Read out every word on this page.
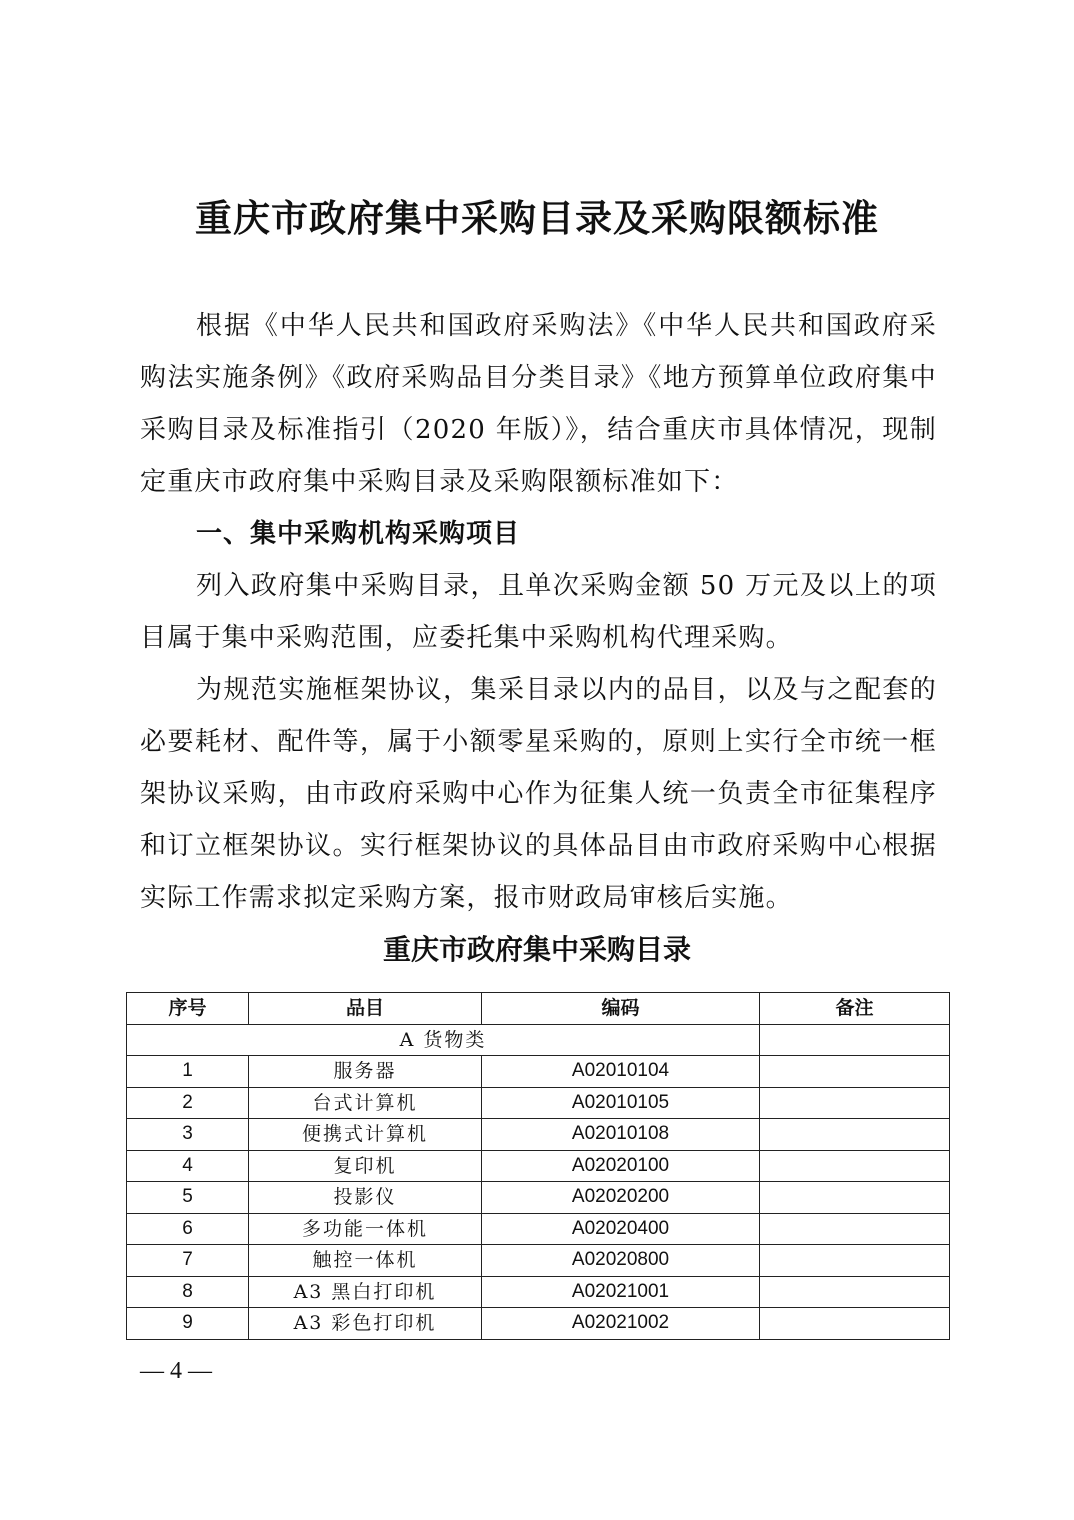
重庆市政府集中采购目录及采购限额标准

根据《中华人民共和国政府采购法》《中华人民共和国政府采购法实施条例》《政府采购品目分类目录》《地方预算单位政府集中采购目录及标准指引（2020 年版）》，结合重庆市具体情况，现制定重庆市政府集中采购目录及采购限额标准如下：

一、集中采购机构采购项目

列入政府集中采购目录，且单次采购金额 50 万元及以上的项目属于集中采购范围，应委托集中采购机构代理采购。

为规范实施框架协议，集采目录以内的品目，以及与之配套的必要耗材、配件等，属于小额零星采购的，原则上实行全市统一框架协议采购，由市政府采购中心作为征集人统一负责全市征集程序和订立框架协议。实行框架协议的具体品目由市政府采购中心根据实际工作需求拟定采购方案，报市财政局审核后实施。

重庆市政府集中采购目录
序号	品目	编码	备注
A 货物类			
1	服务器	A02010104	
2	台式计算机	A02010105	
3	便携式计算机	A02010108	
4	复印机	A02020100	
5	投影仪	A02020200	
6	多功能一体机	A02020400	
7	触控一体机	A02020800	
8	A3 黑白打印机	A02021001	
9	A3 彩色打印机	A02021002	
— 4 —
